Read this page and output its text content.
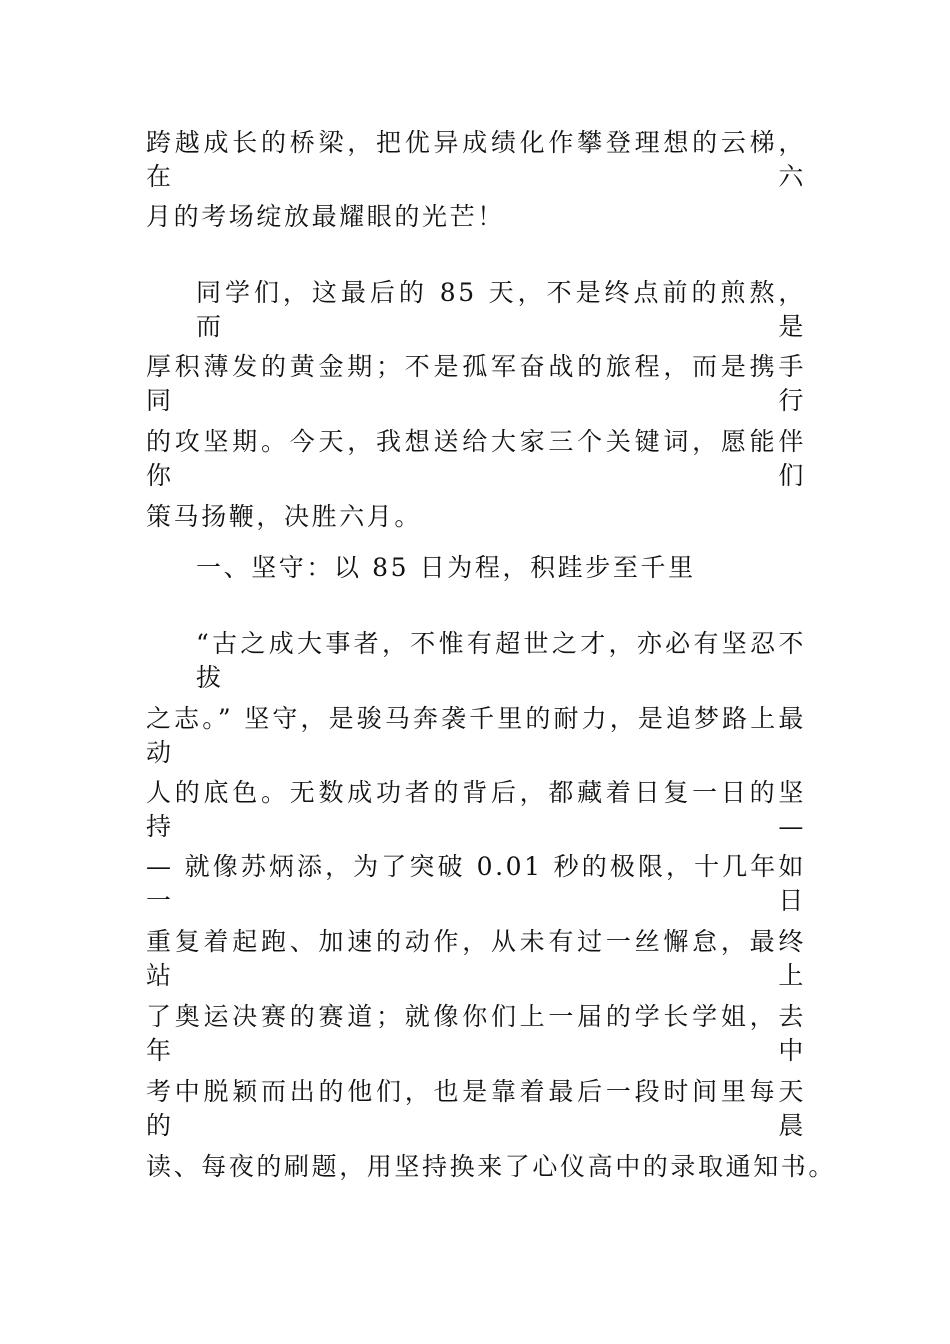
跨越成长的桥梁，把优异成绩化作攀登理想的云梯，在六
月的考场绽放最耀眼的光芒！
同学们，这最后的 85 天，不是终点前的煎熬，而是
厚积薄发的黄金期；不是孤军奋战的旅程，而是携手同行
的攻坚期。今天，我想送给大家三个关键词，愿能伴你们
策马扬鞭，决胜六月。
一、坚守：以 85 日为程，积跬步至千里
“古之成大事者，不惟有超世之才，亦必有坚忍不拔
之志。” 坚守，是骏马奔袭千里的耐力，是追梦路上最动
人的底色。无数成功者的背后，都藏着日复一日的坚持 —
— 就像苏炳添，为了突破 0.01 秒的极限，十几年如一日
重复着起跑、加速的动作，从未有过一丝懈怠，最终站上
了奥运决赛的赛道；就像你们上一届的学长学姐，去年中
考中脱颖而出的他们，也是靠着最后一段时间里每天的晨
读、每夜的刷题，用坚持换来了心仪高中的录取通知书。
